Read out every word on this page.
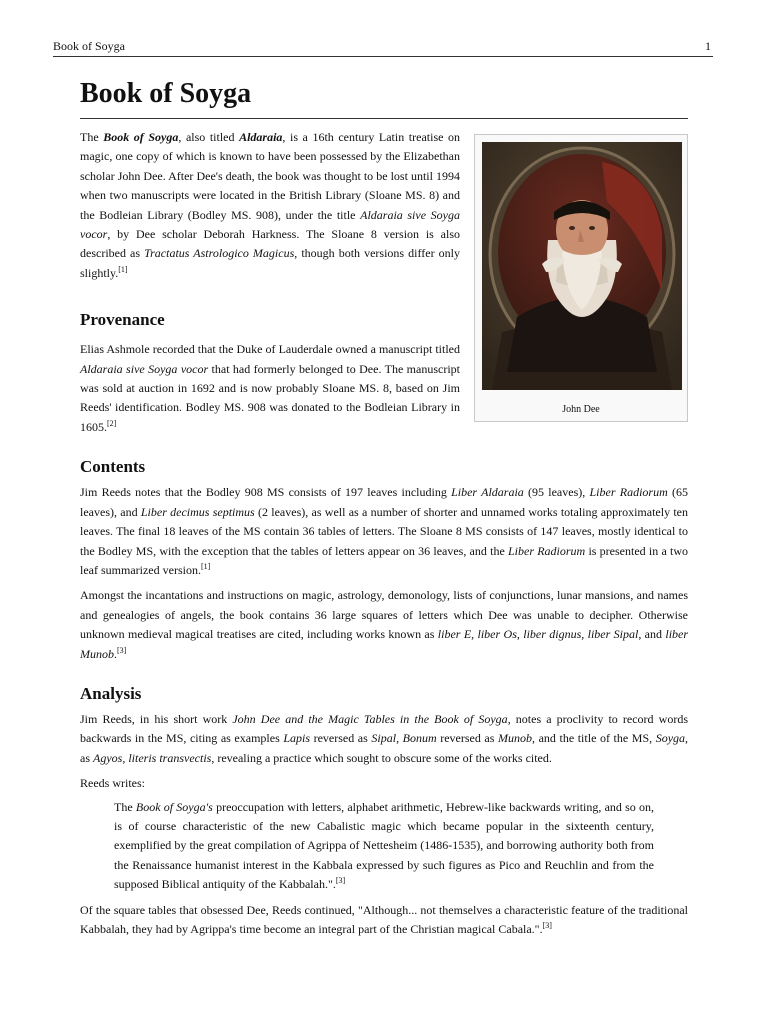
Book of Soyga	1
Book of Soyga
John Dee

The Book of Soyga, also titled Aldaraia, is a 16th century Latin treatise on magic, one copy of which is known to have been possessed by the Elizabethan scholar John Dee. After Dee's death, the book was thought to be lost until 1994 when two manuscripts were located in the British Library (Sloane MS. 8) and the Bodleian Library (Bodley MS. 908), under the title Aldaraia sive Soyga vocor, by Dee scholar Deborah Harkness. The Sloane 8 version is also described as Tractatus Astrologico Magicus, though both versions differ only slightly.[1]

Provenance

Elias Ashmole recorded that the Duke of Lauderdale owned a manuscript titled Aldaraia sive Soyga vocor that had formerly belonged to Dee. The manuscript was sold at auction in 1692 and is now probably Sloane MS. 8, based on Jim Reeds' identification. Bodley MS. 908 was donated to the Bodleian Library in 1605.[2]

Contents

Jim Reeds notes that the Bodley 908 MS consists of 197 leaves including Liber Aldaraia (95 leaves), Liber Radiorum (65 leaves), and Liber decimus septimus (2 leaves), as well as a number of shorter and unnamed works totaling approximately ten leaves. The final 18 leaves of the MS contain 36 tables of letters. The Sloane 8 MS consists of 147 leaves, mostly identical to the Bodley MS, with the exception that the tables of letters appear on 36 leaves, and the Liber Radiorum is presented in a two leaf summarized version.[1]

Amongst the incantations and instructions on magic, astrology, demonology, lists of conjunctions, lunar mansions, and names and genealogies of angels, the book contains 36 large squares of letters which Dee was unable to decipher. Otherwise unknown medieval magical treatises are cited, including works known as liber E, liber Os, liber dignus, liber Sipal, and liber Munob.[3]

Analysis

Jim Reeds, in his short work John Dee and the Magic Tables in the Book of Soyga, notes a proclivity to record words backwards in the MS, citing as examples Lapis reversed as Sipal, Bonum reversed as Munob, and the title of the MS, Soyga, as Agyos, literis transvectis, revealing a practice which sought to obscure some of the works cited.

Reeds writes:

The Book of Soyga's preoccupation with letters, alphabet arithmetic, Hebrew-like backwards writing, and so on, is of course characteristic of the new Cabalistic magic which became popular in the sixteenth century, exemplified by the great compilation of Agrippa of Nettesheim (1486-1535), and borrowing authority both from the Renaissance humanist interest in the Kabbala expressed by such figures as Pico and Reuchlin and from the supposed Biblical antiquity of the Kabbalah.".[3]

Of the square tables that obsessed Dee, Reeds continued, "Although... not themselves a characteristic feature of the traditional Kabbalah, they had by Agrippa's time become an integral part of the Christian magical Cabala.".[3]
